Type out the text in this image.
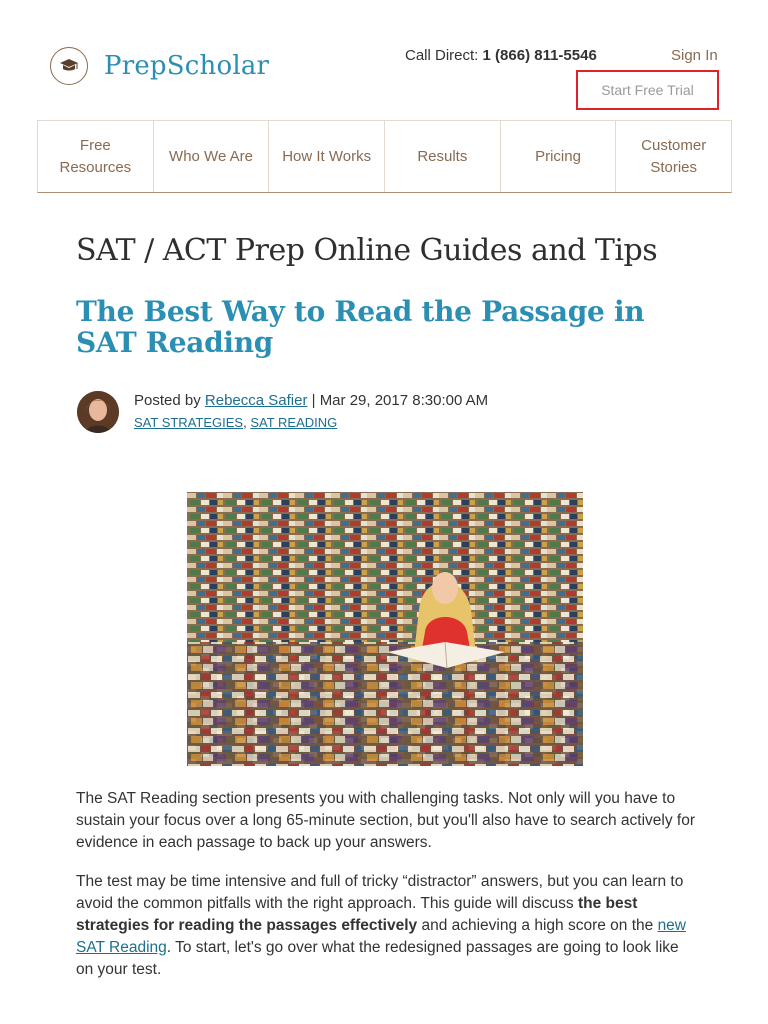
PrepScholar	Call Direct: 1 (866) 811-5546	Sign In
Start Free Trial
Free Resources
Who We Are	How It Works	Results	Pricing
Customer Stories
SAT / ACT Prep Online Guides and Tips
The Best Way to Read the Passage in SAT Reading
Posted by Rebecca Safier | Mar 29, 2017 8:30:00 AM
SAT STRATEGIES, SAT READING
The SAT Reading section presents you with challenging tasks. Not only will you have to sustain your focus over a long 65-minute section, but you'll also have to search actively for evidence in each passage to back up your answers.
The test may be time intensive and full of tricky “distractor” answers, but you can learn to avoid the common pitfalls with the right approach. This guide will discuss the best strategies for reading the passages effectively and achieving a high score on the new SAT Reading. To start, let's go over what the redesigned passages are going to look like on your test.
